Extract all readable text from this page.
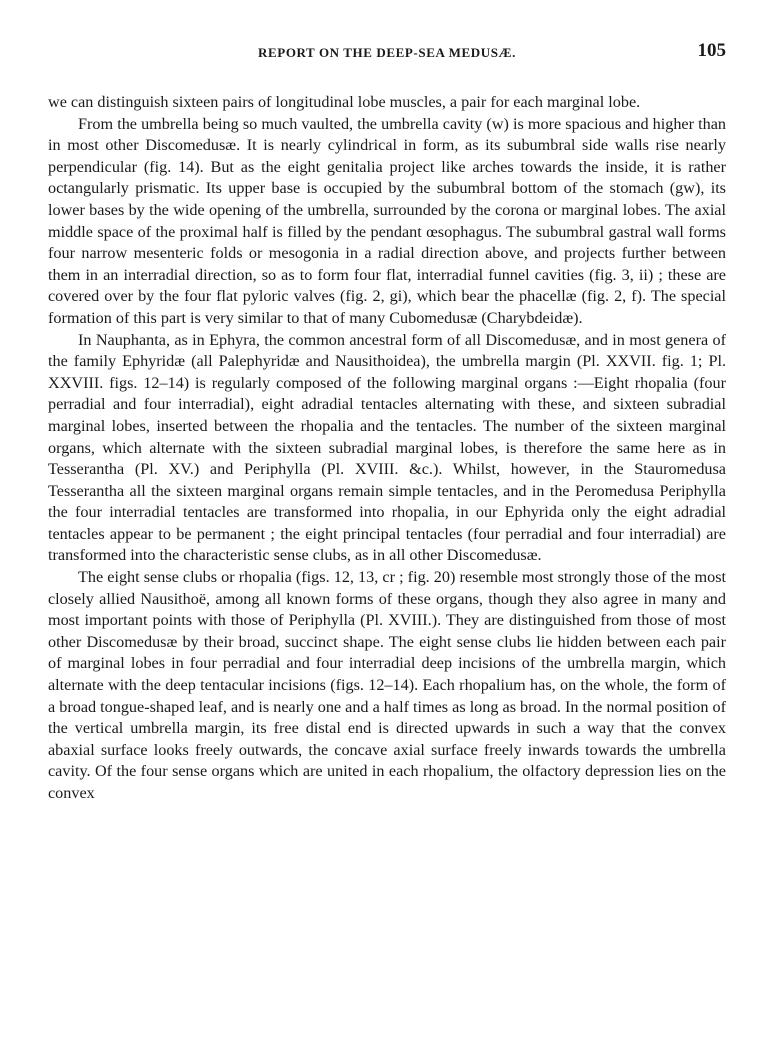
REPORT ON THE DEEP-SEA MEDUSÆ.	105

we can distinguish sixteen pairs of longitudinal lobe muscles, a pair for each marginal lobe.

From the umbrella being so much vaulted, the umbrella cavity (w) is more spacious and higher than in most other Discomedusæ. It is nearly cylindrical in form, as its subumbral side walls rise nearly perpendicular (fig. 14). But as the eight genitalia project like arches towards the inside, it is rather octangularly prismatic. Its upper base is occupied by the subumbral bottom of the stomach (gw), its lower bases by the wide opening of the umbrella, surrounded by the corona or marginal lobes. The axial middle space of the proximal half is filled by the pendant œsophagus. The subumbral gastral wall forms four narrow mesenteric folds or mesogonia in a radial direction above, and projects further between them in an interradial direction, so as to form four flat, interradial funnel cavities (fig. 3, ii) ; these are covered over by the four flat pyloric valves (fig. 2, gi), which bear the phacellæ (fig. 2, f). The special formation of this part is very similar to that of many Cubomedusæ (Charybdeidæ).

In Nauphanta, as in Ephyra, the common ancestral form of all Discomedusæ, and in most genera of the family Ephyridæ (all Palephyridæ and Nausithoidea), the umbrella margin (Pl. XXVII. fig. 1; Pl. XXVIII. figs. 12–14) is regularly composed of the following marginal organs :—Eight rhopalia (four perradial and four interradial), eight adradial tentacles alternating with these, and sixteen subradial marginal lobes, inserted between the rhopalia and the tentacles. The number of the sixteen marginal organs, which alternate with the sixteen subradial marginal lobes, is therefore the same here as in Tesserantha (Pl. XV.) and Periphylla (Pl. XVIII. &c.). Whilst, however, in the Stauromedusa Tesserantha all the sixteen marginal organs remain simple tentacles, and in the Peromedusa Periphylla the four interradial tentacles are transformed into rhopalia, in our Ephyrida only the eight adradial tentacles appear to be permanent ; the eight principal tentacles (four perradial and four interradial) are transformed into the characteristic sense clubs, as in all other Discomedusæ.

The eight sense clubs or rhopalia (figs. 12, 13, cr ; fig. 20) resemble most strongly those of the most closely allied Nausithoë, among all known forms of these organs, though they also agree in many and most important points with those of Periphylla (Pl. XVIII.). They are distinguished from those of most other Discomedusæ by their broad, succinct shape. The eight sense clubs lie hidden between each pair of marginal lobes in four perradial and four interradial deep incisions of the umbrella margin, which alternate with the deep tentacular incisions (figs. 12–14). Each rhopalium has, on the whole, the form of a broad tongue-shaped leaf, and is nearly one and a half times as long as broad. In the normal position of the vertical umbrella margin, its free distal end is directed upwards in such a way that the convex abaxial surface looks freely outwards, the concave axial surface freely inwards towards the umbrella cavity. Of the four sense organs which are united in each rhopalium, the olfactory depression lies on the convex
